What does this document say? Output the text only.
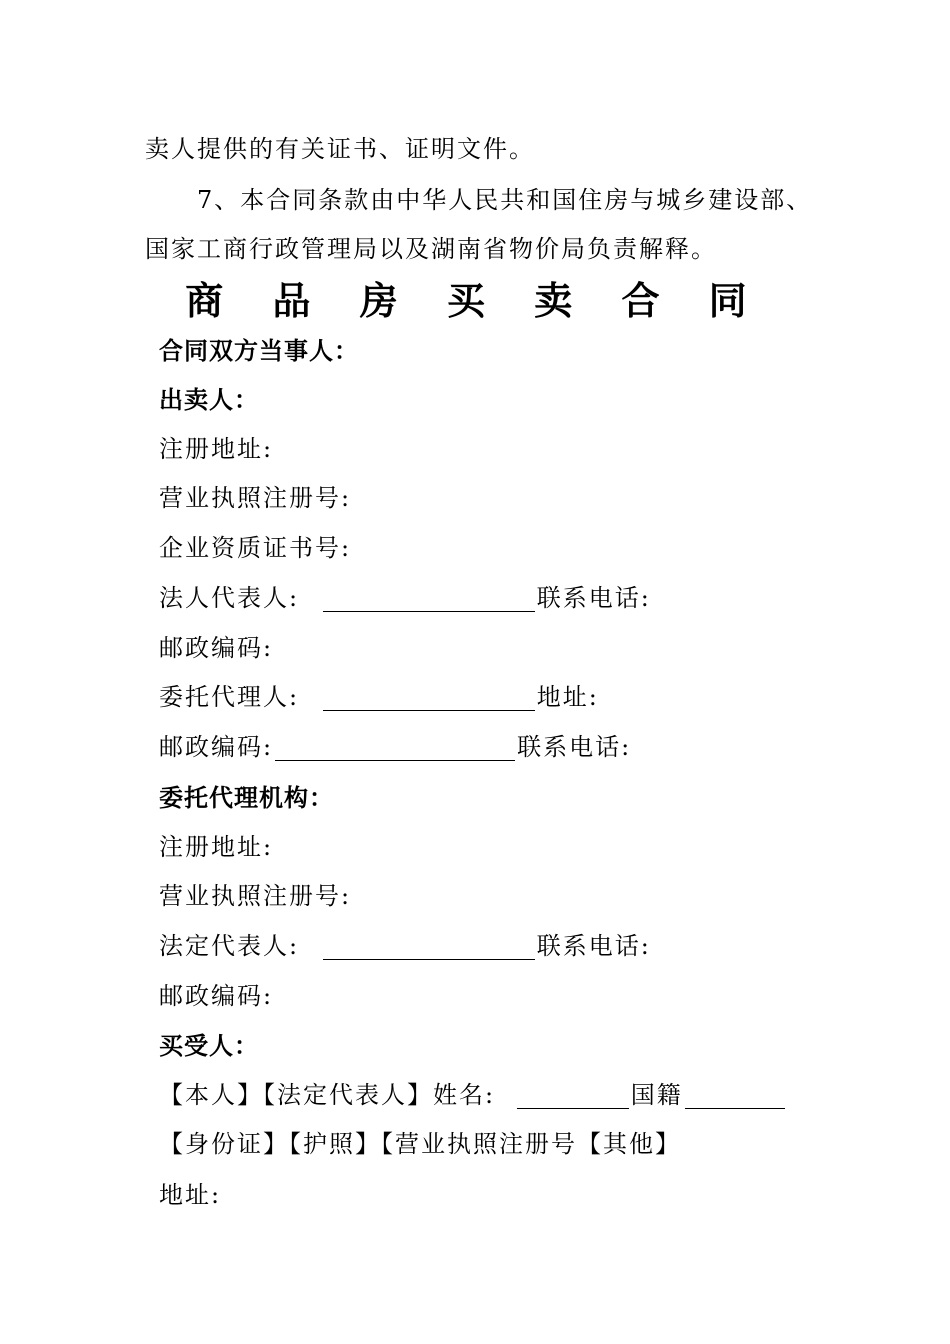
卖人提供的有关证书、证明文件。
7、本合同条款由中华人民共和国住房与城乡建设部、
国家工商行政管理局以及湖南省物价局负责解释。
商 品 房 买 卖 合 同
合同双方当事人：
出卖人：
注册地址:
营业执照注册号:
企业资质证书号:
法人代表人:	联系电话:
邮政编码:
委托代理人:	地址:
邮政编码:	联系电话:
委托代理机构：
注册地址:
营业执照注册号:
法定代表人:	联系电话:
邮政编码:
买受人：
【本人】【法定代表人】姓名:	国籍
【身份证】【护照】【营业执照注册号【其他】
地址:
